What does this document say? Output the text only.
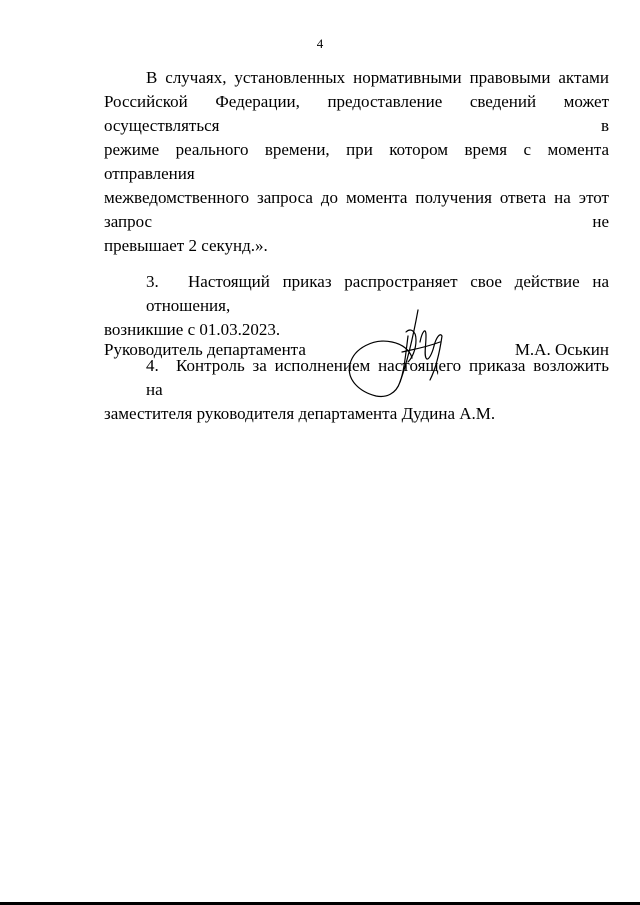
4
В случаях, установленных нормативными правовыми актами
Российской Федерации, предоставление сведений может осуществляться в
режиме реального времени, при котором время с момента отправления
межведомственного запроса до момента получения ответа на этот запрос не
превышает 2 секунд.».
3. Настоящий приказ распространяет свое действие на отношения,
возникшие с 01.03.2023.
4. Контроль за исполнением настоящего приказа возложить на
заместителя руководителя департамента Дудина А.М.
Руководитель департамента	М.А. Оськин
